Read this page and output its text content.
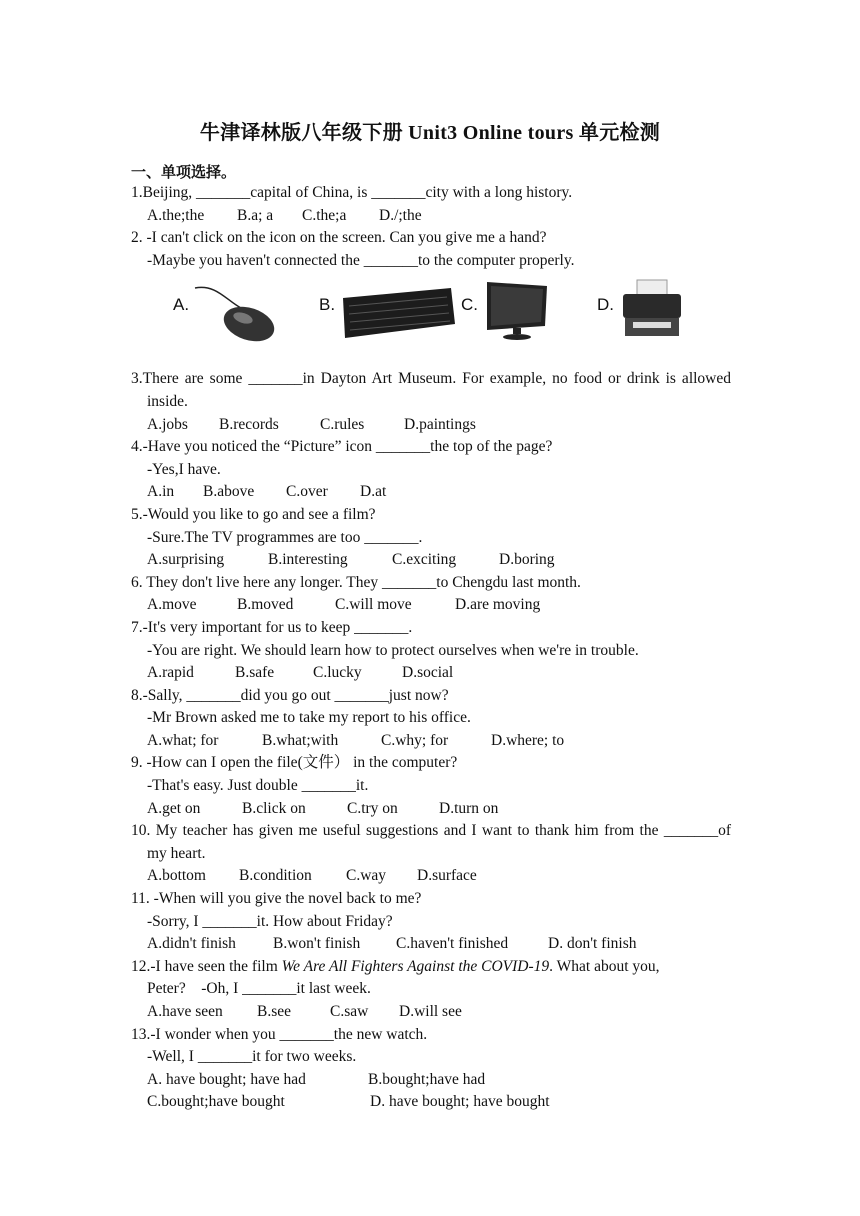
牛津译林版八年级下册 Unit3 Online tours 单元检测
一、单项选择。
1.Beijing, _______capital of China, is _______city with a long history.
A.the;the B.a; a C.the;a D./;the
2. -I can't click on the icon on the screen. Can you give me a hand?
-Maybe you haven't connected the _______to the computer properly.
A.	B.	C.	D.
3.There are some _______in Dayton Art Museum. For example, no food or drink is allowed inside.
A.jobs B.records	C.rules	D.paintings
4.-Have you noticed the “Picture” icon _______the top of the page?
-Yes,I have.
A.in B.above C.over D.at
5.-Would you like to go and see a film?
-Sure.The TV programmes are too _______.
A.surprising	B.interesting	C.exciting	D.boring
6. They don't live here any longer. They _______to Chengdu last month.
A.move	B.moved	C.will move	D.are moving
7.-It's very important for us to keep _______.
-You are right. We should learn how to protect ourselves when we're in trouble.
A.rapid	B.safe	C.lucky	D.social
8.-Sally, _______did you go out _______just now?
-Mr Brown asked me to take my report to his office.
A.what; for	B.what;with	C.why; for	D.where; to
9. -How can I open the file(文件） in the computer?
-That's easy. Just double _______it.
A.get on	B.click on	C.try on	D.turn on
10. My teacher has given me useful suggestions and I want to thank him from the _______of my heart.
A.bottom B.condition C.way D.surface
11. -When will you give the novel back to me?
-Sorry, I _______it. How about Friday?
A.didn't finish B.won't finish C.haven't finished	D. don't finish
12.-I have seen the film We Are All Fighters Against the COVID-19. What about you,
Peter?    -Oh, I _______it last week.
A.have seen B.see	C.saw D.will see
13.-I wonder when you _______the new watch.
-Well, I _______it for two weeks.
A. have bought; have had	B.bought;have had
C.bought;have bought	D. have bought; have bought
